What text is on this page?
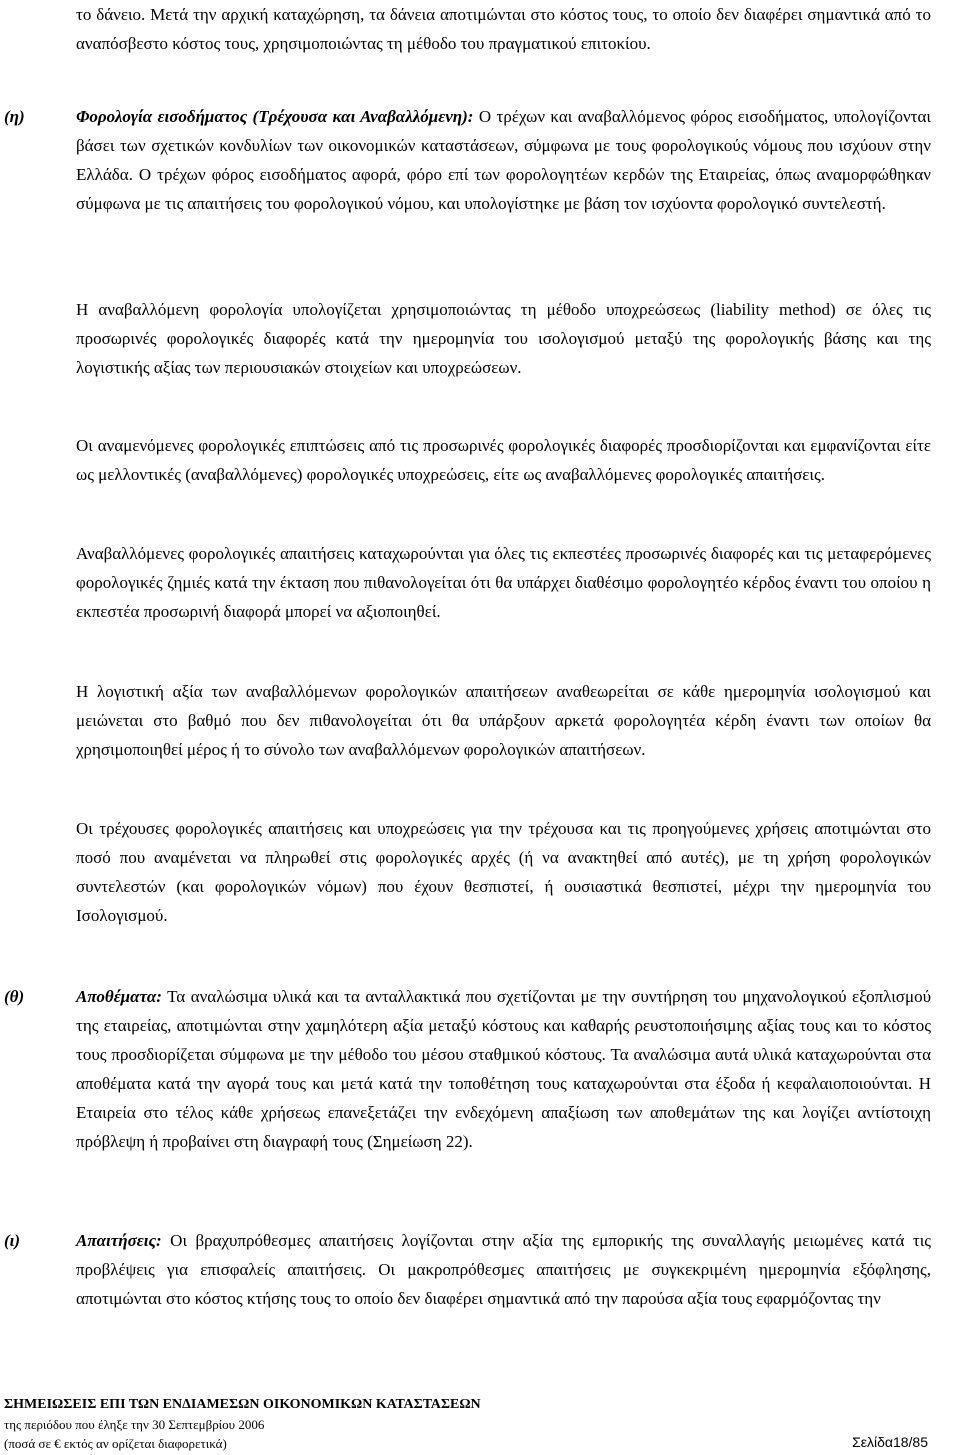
το δάνειο. Μετά την αρχική καταχώρηση, τα δάνεια αποτιμώνται στο κόστος τους, το οποίο δεν διαφέρει σημαντικά από το αναπόσβεστο κόστος τους, χρησιμοποιώντας τη μέθοδο του πραγματικού επιτοκίου.

(η)	Φορολογία εισοδήματος (Τρέχουσα και Αναβαλλόμενη): Ο τρέχων και αναβαλλόμενος φόρος εισοδήματος, υπολογίζονται βάσει των σχετικών κονδυλίων των οικονομικών καταστάσεων, σύμφωνα με τους φορολογικούς νόμους που ισχύουν στην Ελλάδα. Ο τρέχων φόρος εισοδήματος αφορά, φόρο επί των φορολογητέων κερδών της Εταιρείας, όπως αναμορφώθηκαν σύμφωνα με τις απαιτήσεις του φορολογικού νόμου, και υπολογίστηκε με βάση τον ισχύοντα φορολογικό συντελεστή.

Η αναβαλλόμενη φορολογία υπολογίζεται χρησιμοποιώντας τη μέθοδο υποχρεώσεως (liability method) σε όλες τις προσωρινές φορολογικές διαφορές κατά την ημερομηνία του ισολογισμού μεταξύ της φορολογικής βάσης και της λογιστικής αξίας των περιουσιακών στοιχείων και υποχρεώσεων.

Οι αναμενόμενες φορολογικές επιπτώσεις από τις προσωρινές φορολογικές διαφορές προσδιορίζονται και εμφανίζονται είτε ως μελλοντικές (αναβαλλόμενες) φορολογικές υποχρεώσεις, είτε ως αναβαλλόμενες φορολογικές απαιτήσεις.

Αναβαλλόμενες φορολογικές απαιτήσεις καταχωρούνται για όλες τις εκπεστέες προσωρινές διαφορές και τις μεταφερόμενες φορολογικές ζημιές κατά την έκταση που πιθανολογείται ότι θα υπάρχει διαθέσιμο φορολογητέο κέρδος έναντι του οποίου η εκπεστέα προσωρινή διαφορά μπορεί να αξιοποιηθεί.

Η λογιστική αξία των αναβαλλόμενων φορολογικών απαιτήσεων αναθεωρείται σε κάθε ημερομηνία ισολογισμού και μειώνεται στο βαθμό που δεν πιθανολογείται ότι θα υπάρξουν αρκετά φορολογητέα κέρδη έναντι των οποίων θα χρησιμοποιηθεί μέρος ή το σύνολο των αναβαλλόμενων φορολογικών απαιτήσεων.

Οι τρέχουσες φορολογικές απαιτήσεις και υποχρεώσεις για την τρέχουσα και τις προηγούμενες χρήσεις αποτιμώνται στο ποσό που αναμένεται να πληρωθεί στις φορολογικές αρχές (ή να ανακτηθεί από αυτές), με τη χρήση φορολογικών συντελεστών (και φορολογικών νόμων) που έχουν θεσπιστεί, ή ουσιαστικά θεσπιστεί, μέχρι την ημερομηνία του Ισολογισμού.

(θ)	Αποθέματα: Τα αναλώσιμα υλικά και τα ανταλλακτικά που σχετίζονται με την συντήρηση του μηχανολογικού εξοπλισμού της εταιρείας, αποτιμώνται στην χαμηλότερη αξία μεταξύ κόστους και καθαρής ρευστοποιήσιμης αξίας τους και το κόστος τους προσδιορίζεται σύμφωνα με την μέθοδο του μέσου σταθμικού κόστους. Τα αναλώσιμα αυτά υλικά καταχωρούνται στα αποθέματα κατά την αγορά τους και μετά κατά την τοποθέτηση τους καταχωρούνται στα έξοδα ή κεφαλαιοποιούνται. Η Εταιρεία στο τέλος κάθε χρήσεως επανεξετάζει την ενδεχόμενη απαξίωση των αποθεμάτων της και λογίζει αντίστοιχη πρόβλεψη ή προβαίνει στη διαγραφή τους (Σημείωση 22).

(ι)	Απαιτήσεις: Οι βραχυπρόθεσμες απαιτήσεις λογίζονται στην αξία της εμπορικής της συναλλαγής μειωμένες κατά τις προβλέψεις για επισφαλείς απαιτήσεις. Οι μακροπρόθεσμες απαιτήσεις με συγκεκριμένη ημερομηνία εξόφλησης, αποτιμώνται στο κόστος κτήσης τους το οποίο δεν διαφέρει σημαντικά από την παρούσα αξία τους εφαρμόζοντας την

ΣΗΜΕΙΩΣΕΙΣ ΕΠΙ ΤΩΝ ΕΝΔΙΑΜΕΣΩΝ ΟΙΚΟΝΟΜΙΚΩΝ ΚΑΤΑΣΤΑΣΕΩΝ
της περιόδου που έληξε την 30 Σεπτεμβρίου 2006
(ποσά σε € εκτός αν ορίζεται διαφορετικά)	Σελίδα18/85
